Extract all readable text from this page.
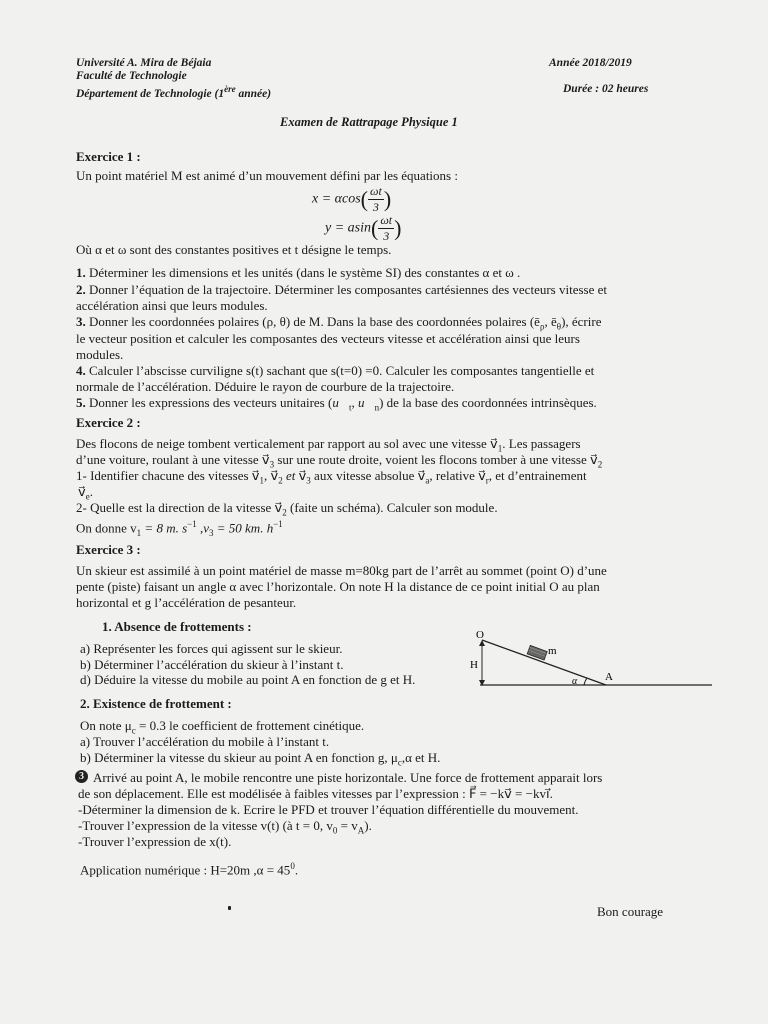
Université A. Mira de Béjaia
Faculté de Technologie
Département de Technologie (1ère année)
Année 2018/2019
Durée : 02 heures
Examen de Rattrapage Physique 1
Exercice 1 :
Un point matériel M est animé d’un mouvement défini par les équations :
$x = \alpha\cos( \frac{\omega t}{3}$ )
$y = asin( \frac{\omega t}{3}$ )
Où α et ω sont des constantes positives et t désigne le temps.
1. Déterminer les dimensions et les unités (dans le système SI) des constantes α et ω .
2. Donner l’équation de la trajectoire. Déterminer les composantes cartésiennes des vecteurs vitesse et
accélération ainsi que leurs modules.
3. Donner les coordonnées polaires (ρ, θ) de M. Dans la base des coordonnées polaires ($ē_\rho$, $ē_\theta$), écrire
le vecteur position et calculer les composantes des vecteurs vitesse et accélération ainsi que leurs
modules.
4. Calculer l’abscisse curviligne s(t) sachant que s(t=0) =0. Calculer les composantes tangentielle et
normale de l’accélération. Déduire le rayon de courbure de la trajectoire.
5. Donner les expressions des vecteurs unitaires ($u⃗_t$, $u⃗_n$) de la base des coordonnées intrinsèques.
Exercice 2 :
Des flocons de neige tombent verticalement par rapport au sol avec une vitesse $v⃗_1$. Les passagers
d’une voiture, roulant à une vitesse $v⃗_3$ sur une route droite, voient les flocons tomber à une vitesse $v⃗_2$
1- Identifier chacune des vitesses $v⃗_1$, $v⃗_2$ et $v⃗_3$ aux vitesse absolue $v⃗_a$, relative $v⃗_r$, et d’entrainement
$v⃗_e$.
2- Quelle est la direction de la vitesse $v⃗_2$ (faite un schéma). Calculer son module.
On donne $v_1 = 8$ m. $s^{-1}$ $,v_3 = 50$ km. $h^{-1}$
Exercice 3 :
Un skieur est assimilé à un point matériel de masse m=80kg part de l’arrêt au sommet (point O) d’une
pente (piste) faisant un angle α avec l’horizontale. On note H la distance de ce point initial O au plan
horizontal et g l’accélération de pesanteur.
1. Absence de frottements :
a) Représenter les forces qui agissent sur le skieur.
b) Déterminer l’accélération du skieur à l’instant t.
d) Déduire la vitesse du mobile au point A en fonction de g et H.
O
m
H
α	A
2. Existence de frottement :
On note $\mu_c = 0.3$ le coefficient de frottement cinétique.
a) Trouver l’accélération du mobile à l’instant t.
b) Déterminer la vitesse du skieur au point A en fonction g, $\mu_c,\alpha$ et H.
3 Arrivé au point A, le mobile rencontre une piste horizontale. Une force de frottement apparait lors
de son déplacement. Elle est modélisée à faibles vitesses par l’expression : F⃗ = −kv⃗ = −kvi⃗.
-Déterminer la dimension de k. Ecrire le PFD et trouver l’équation différentielle du mouvement.
-Trouver l’expression de la vitesse v(t) (à t = 0, $v_0 = v_A$).
-Trouver l’expression de x(t).
Application numérique : H=20m $,\alpha = 45^0$.
Bon courage
